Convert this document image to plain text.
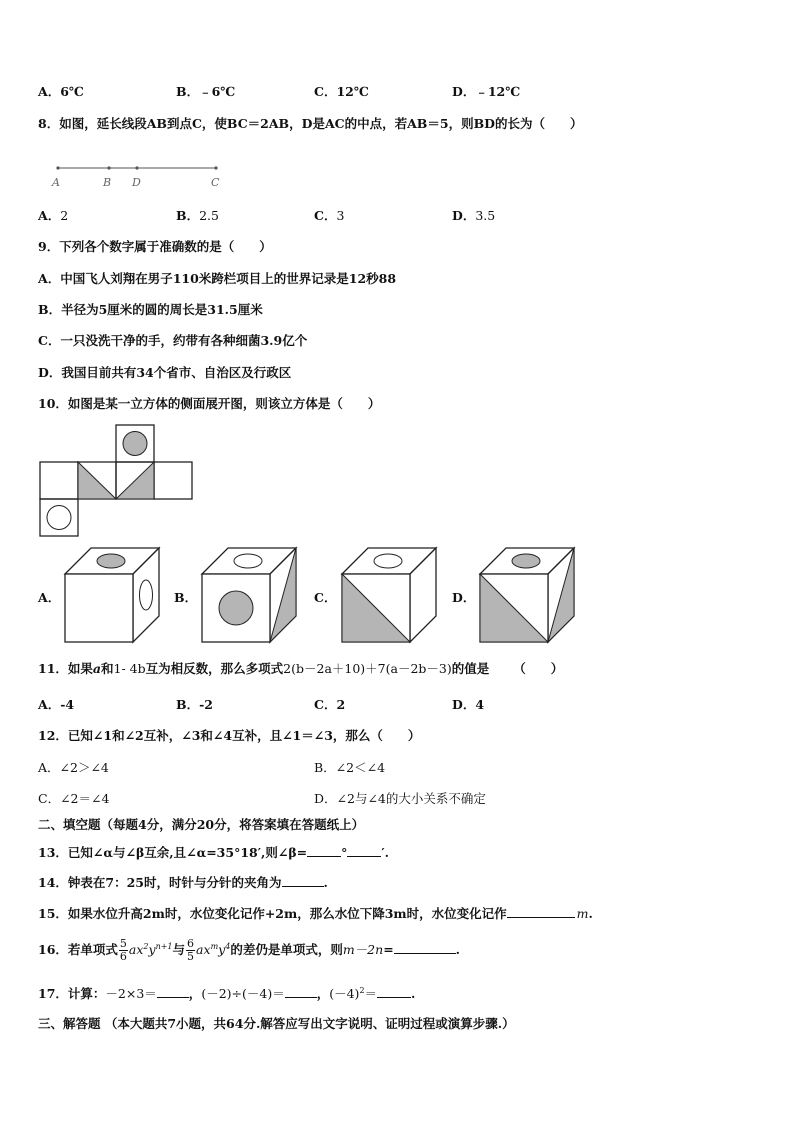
A．6℃	B．﹣6℃	C．12℃	D．﹣12℃
8．如图，延长线段AB到点C，使BC＝2AB，D是AC的中点，若AB＝5，则BD的长为（　　）
A	B D	C
A．2	B．2.5	C．3	D．3.5
9．下列各个数字属于准确数的是（　　）
A．中国飞人刘翔在男子110米跨栏项目上的世界记录是12秒88
B．半径为5厘米的圆的周长是31.5厘米
C．一只没洗干净的手，约带有各种细菌3.9亿个
D．我国目前共有34个省市、自治区及行政区
10．如图是某一立方体的侧面展开图，则该立方体是（　　）
A．	B．	C．	D．
11．如果a和1- 4b互为相反数，那么多项式2(b－2a＋10)＋7(a－2b－3)的值是 （　　）
A．-4	B．-2	C．2	D．4
12．已知∠1和∠2互补，∠3和∠4互补，且∠1＝∠3，那么（　　）
A．∠2＞∠4	B．∠2＜∠4
C．∠2＝∠4	D．∠2与∠4的大小关系不确定
二、填空题（每题4分，满分20分，将答案填在答题纸上）
13．已知∠α与∠β互余,且∠α=35°18′,则∠β=	°	′.
14．钟表在7：25时，时针与分针的夹角为	.
15．如果水位升高2m时，水位变化记作+2m，那么水位下降3m时，水位变化记作	m.
16．若单项式 $\frac{5}{6} ax^2y^{n+1}$与 $\frac{6}{5} ax^my^4$的差仍是单项式，则m－2n=	.
17．计算：－2×3＝	，(－2)÷(－4)＝	，$(-4)^2=$	.
三、解答题 （本大题共7小题，共64分.解答应写出文字说明、证明过程或演算步骤.）
